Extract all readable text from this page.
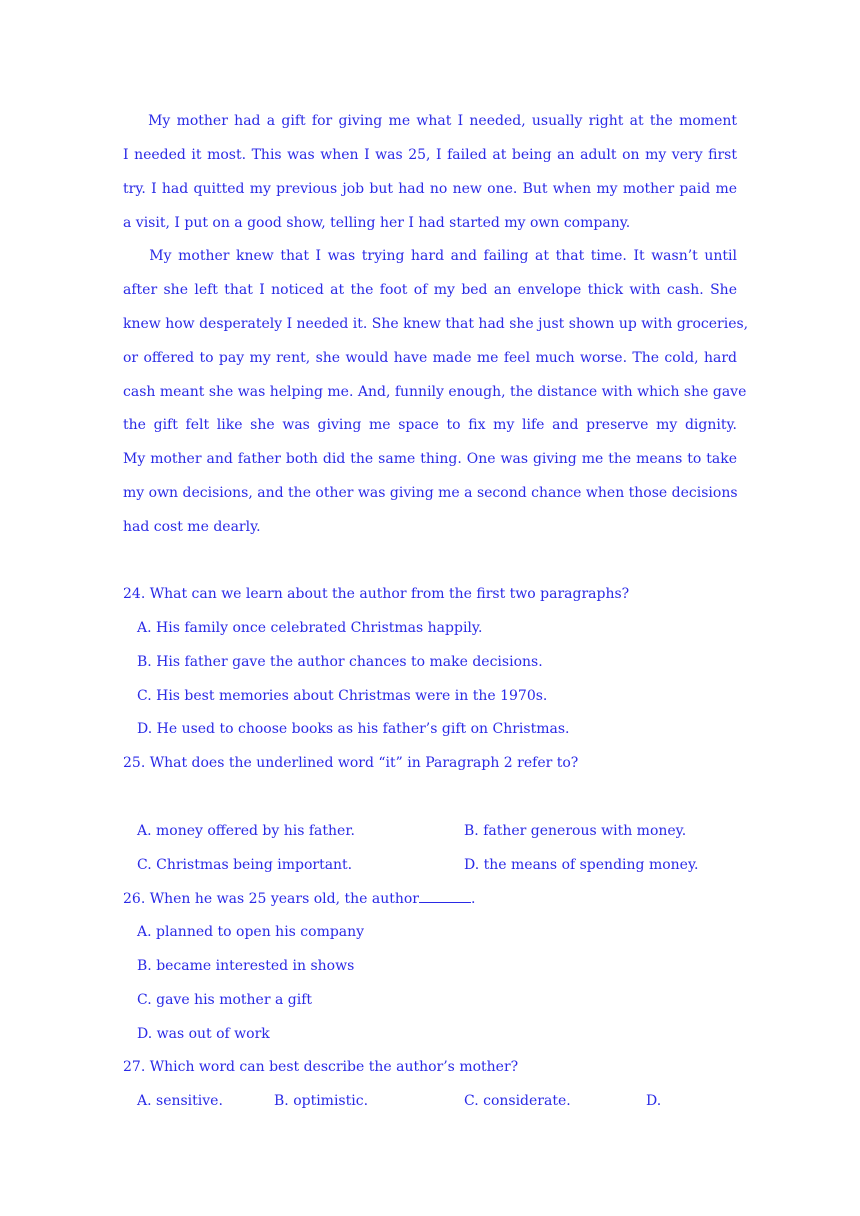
My mother had a gift for giving me what I needed, usually right at the moment
I needed it most. This was when I was 25, I failed at being an adult on my very first
try. I had quitted my previous job but had no new one. But when my mother paid me
a visit, I put on a good show, telling her I had started my own company.
My mother knew that I was trying hard and failing at that time. It wasn’t until
after she left that I noticed at the foot of my bed an envelope thick with cash. She
knew how desperately I needed it. She knew that had she just shown up with groceries,
or offered to pay my rent, she would have made me feel much worse. The cold, hard
cash meant she was helping me. And, funnily enough, the distance with which she gave
the gift felt like she was giving me space to fix my life and preserve my dignity.
My mother and father both did the same thing. One was giving me the means to take
my own decisions, and the other was giving me a second chance when those decisions
had cost me dearly.
24. What can we learn about the author from the first two paragraphs?
A. His family once celebrated Christmas happily.
B. His father gave the author chances to make decisions.
C. His best memories about Christmas were in the 1970s.
D. He used to choose books as his father’s gift on Christmas.
25. What does the underlined word “it” in Paragraph 2 refer to?
A. money offered by his father.	B. father generous with money.
C. Christmas being important.	D. the means of spending money.
26. When he was 25 years old, the author	.
A. planned to open his company
B. became interested in shows
C. gave his mother a gift
D. was out of work
27. Which word can best describe the author’s mother?
A. sensitive.	B. optimistic.	C. considerate.	D.
